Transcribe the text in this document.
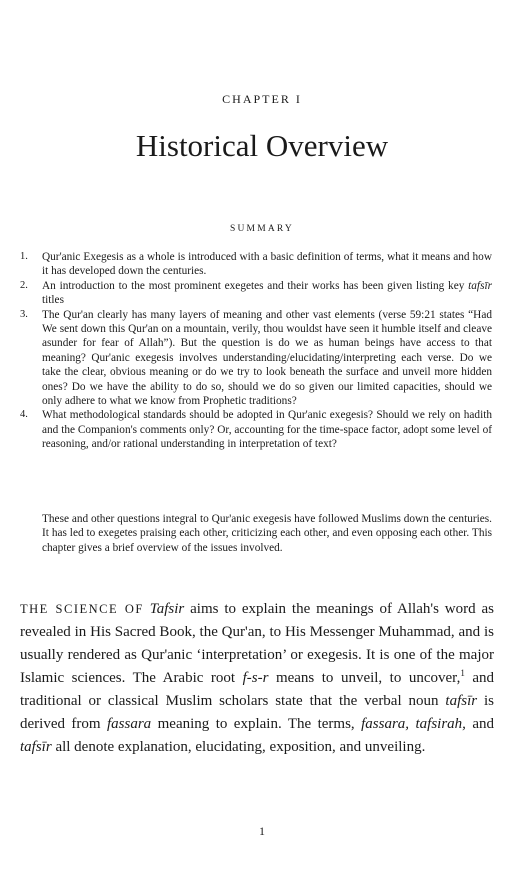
CHAPTER I
Historical Overview
SUMMARY
1.	Qur'anic Exegesis as a whole is introduced with a basic definition of terms, what it means and how it has developed down the centuries.
2.	An introduction to the most prominent exegetes and their works has been given listing key tafsīr titles
3.	The Qur'an clearly has many layers of meaning and other vast elements (verse 59:21 states “Had We sent down this Qur'an on a mountain, verily, thou wouldst have seen it humble itself and cleave asunder for fear of Allah”). But the question is do we as human beings have access to that meaning? Qur'anic exegesis involves understanding/elucidating/interpreting each verse. Do we take the clear, obvious meaning or do we try to look beneath the surface and unveil more hidden ones? Do we have the ability to do so, should we do so given our limited capacities, should we only adhere to what we know from Prophetic traditions?
4.	What methodological standards should be adopted in Qur'anic exegesis? Should we rely on hadith and the Companion's comments only? Or, accounting for the time-space factor, adopt some level of reasoning, and/or rational understanding in interpretation of text?

These and other questions integral to Qur'anic exegesis have followed Muslims down the centuries. It has led to exegetes praising each other, criticizing each other, and even opposing each other. This chapter gives a brief overview of the issues involved.

THE SCIENCE OF Tafsir aims to explain the meanings of Allah's word as revealed in His Sacred Book, the Qur'an, to His Messenger Muhammad, and is usually rendered as Qur'anic ‘interpretation’ or exegesis. It is one of the major Islamic sciences. The Arabic root f-s-r means to unveil, to uncover,$^1$ and traditional or classical Muslim scholars state that the verbal noun tafsīr is derived from fassara meaning to explain. The terms, fassara, tafsirah, and tafsīr all denote explanation, elucidating, exposition, and unveiling.

1
